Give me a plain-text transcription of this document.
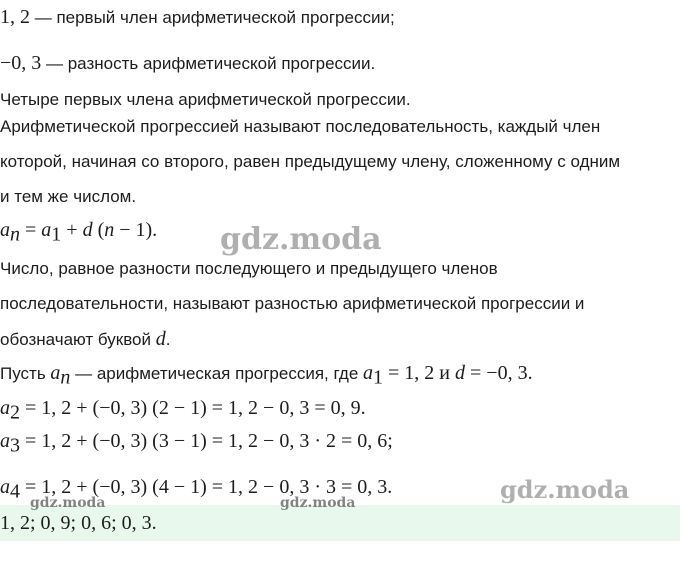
1, 2 — первый член арифметической прогрессии;
−0, 3 — разность арифметической прогрессии.
Четыре первых члена арифметической прогрессии.
Арифметической прогрессией называют последовательность, каждый член
которой, начиная со второго, равен предыдущему члену, сложенному с одним
и тем же числом.
$a_n = a_1 + d$ (n − 1).
Число, равное разности последующего и предыдущего членов
последовательности, называют разностью арифметической прогрессии и
обозначают буквой d.
Пусть $a_n$ — арифметическая прогрессия, где $a_1 = 1$, 2 и d = −0, 3.
$a_2 = 1$, 2 + (−0, 3) (2 − 1) = 1, 2 − 0, 3 = 0, 9.
$a_3 = 1$, 2 + (−0, 3) (3 − 1) = 1, 2 − 0, 3 · 2 = 0, 6;
$a_4 = 1$, 2 + (−0, 3) (4 − 1) = 1, 2 − 0, 3 · 3 = 0, 3.
1, 2; 0, 9; 0, 6; 0, 3.
gdz.moda
gdz.moda
gdz.moda	gdz.moda
